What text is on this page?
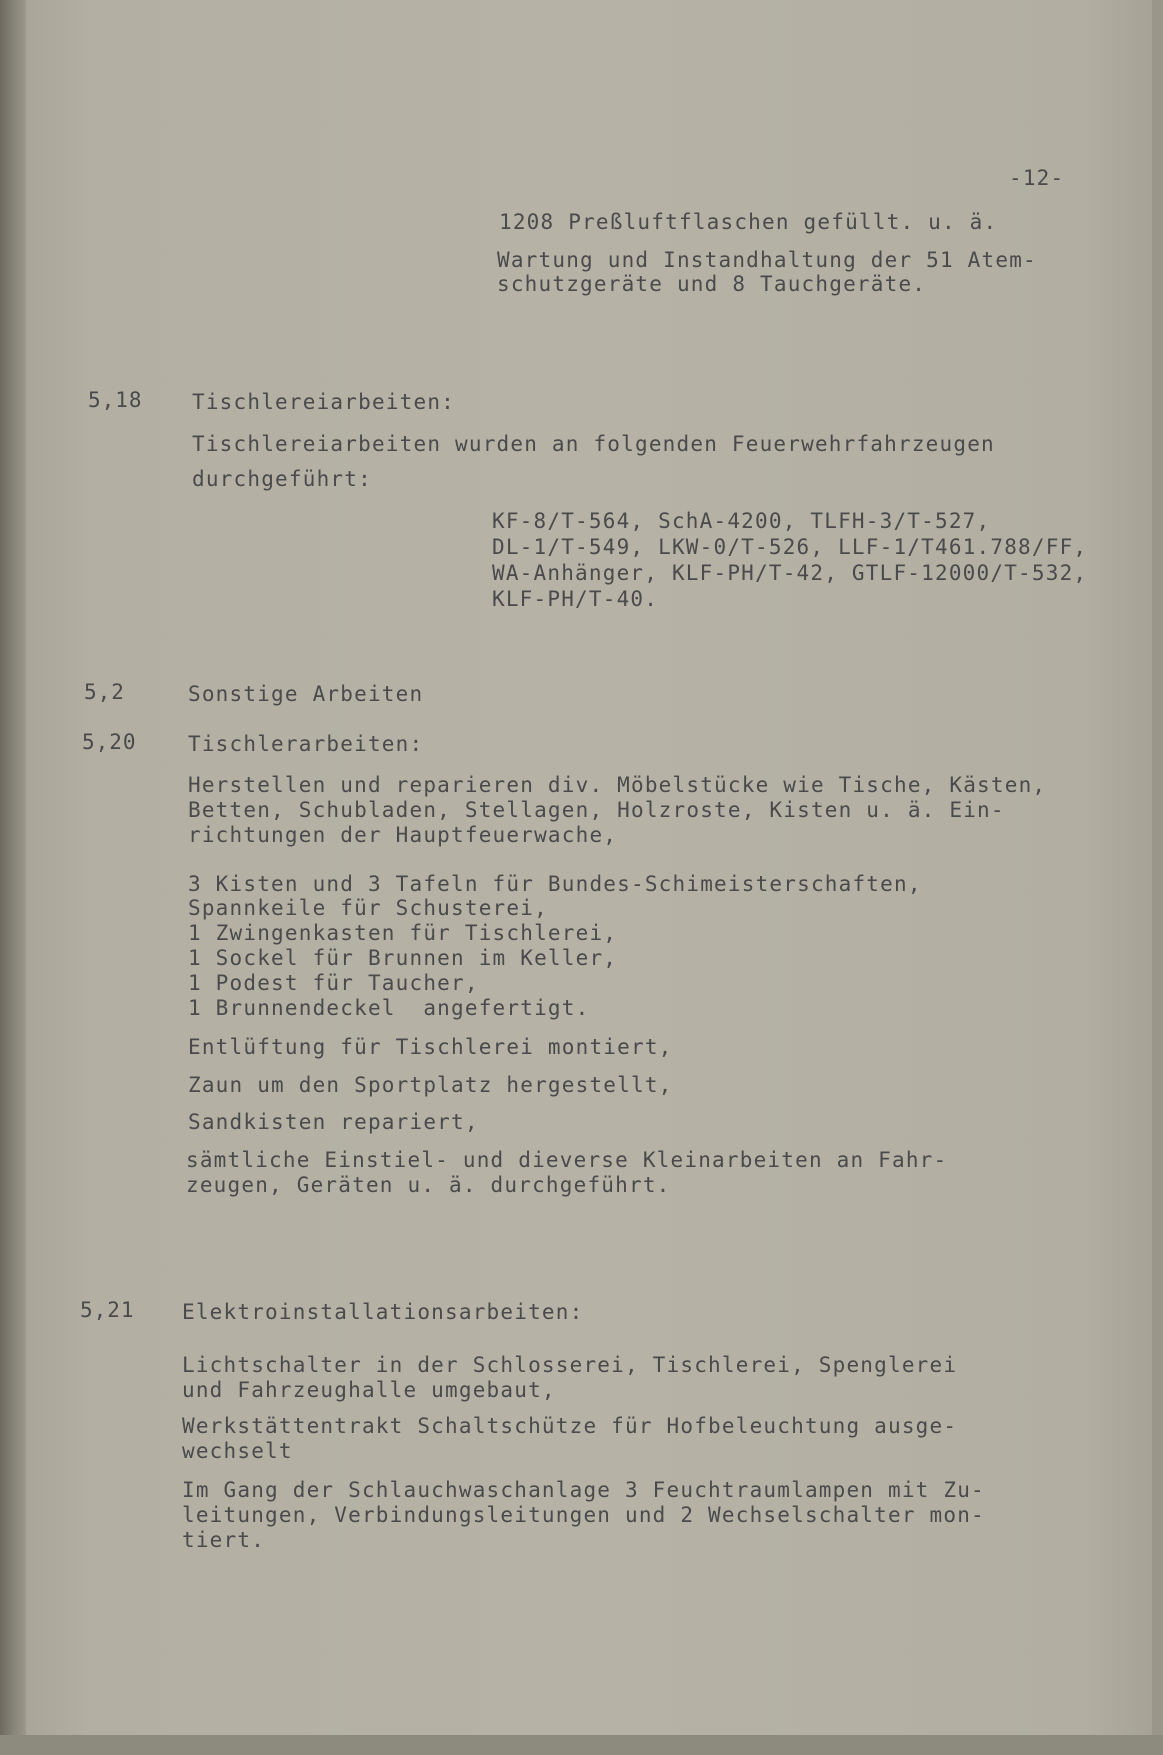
-12-
1208 Preßluftflaschen gefüllt. u. ä.
Wartung und Instandhaltung der 51 Atem-
schutzgeräte und 8 Tauchgeräte.
5,18 Tischlereiarbeiten:
Tischlereiarbeiten wurden an folgenden Feuerwehrfahrzeugen
durchgeführt:
KF-8/T-564, SchA-4200, TLFH-3/T-527,
DL-1/T-549, LKW-0/T-526, LLF-1/T461.788/FF,
WA-Anhänger, KLF-PH/T-42, GTLF-12000/T-532,
KLF-PH/T-40.
5,2	Sonstige Arbeiten
5,20 Tischlerarbeiten:
Herstellen und reparieren div. Möbelstücke wie Tische, Kästen,
Betten, Schubladen, Stellagen, Holzroste, Kisten u. ä. Ein-
richtungen der Hauptfeuerwache,
3 Kisten und 3 Tafeln für Bundes-Schimeisterschaften,
Spannkeile für Schusterei,
1 Zwingenkasten für Tischlerei,
1 Sockel für Brunnen im Keller,
1 Podest für Taucher,
1 Brunnendeckel  angefertigt.
Entlüftung für Tischlerei montiert,
Zaun um den Sportplatz hergestellt,
Sandkisten repariert,
sämtliche Einstiel- und dieverse Kleinarbeiten an Fahr-
zeugen, Geräten u. ä. durchgeführt.
5,21 Elektroinstallationsarbeiten:
Lichtschalter in der Schlosserei, Tischlerei, Spenglerei
und Fahrzeughalle umgebaut,
Werkstättentrakt Schaltschütze für Hofbeleuchtung ausge-
wechselt
Im Gang der Schlauchwaschanlage 3 Feuchtraumlampen mit Zu-
leitungen, Verbindungsleitungen und 2 Wechselschalter mon-
tiert.
